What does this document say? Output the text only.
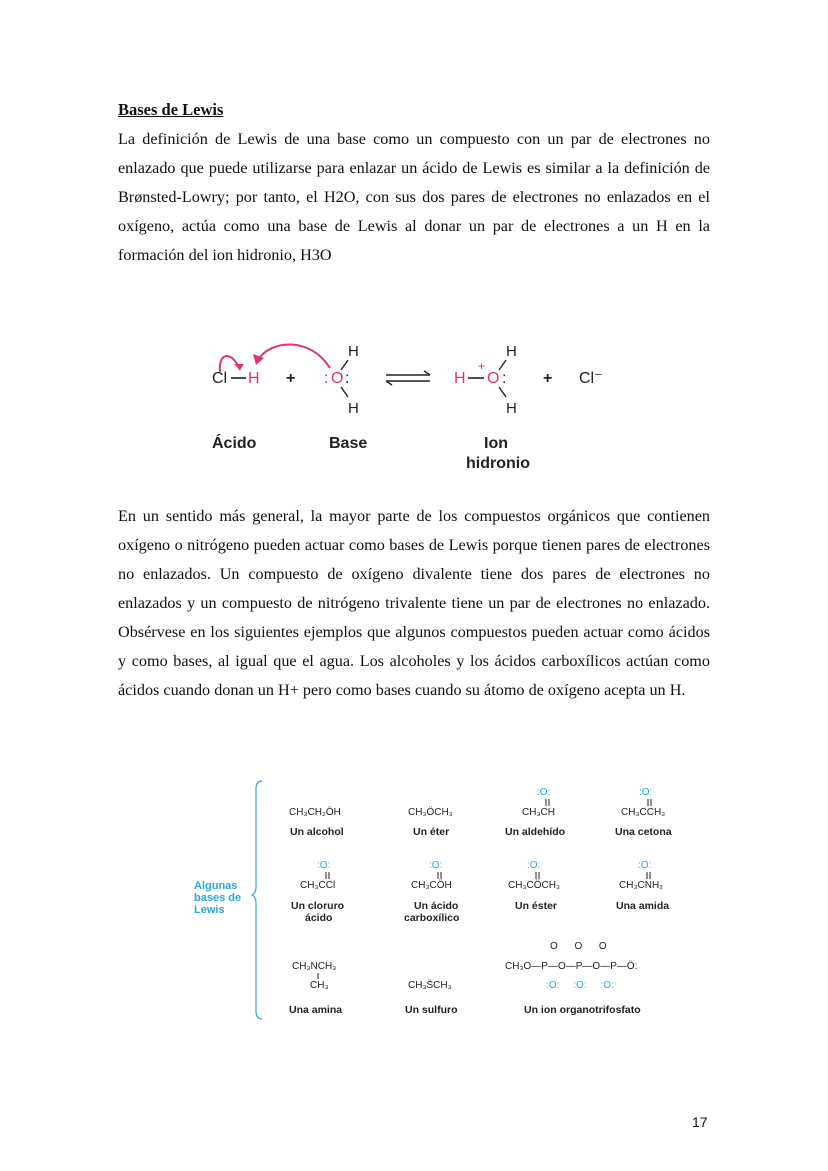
Bases de Lewis

La definición de Lewis de una base como un compuesto con un par de electrones no enlazado que puede utilizarse para enlazar un ácido de Lewis es similar a la definición de Brønsted-Lowry; por tanto, el H2O, con sus dos pares de electrones no enlazados en el oxígeno, actúa como una base de Lewis al donar un par de electrones a un H en la formación del ion hidronio, H3O

Cl H +
H
: O :
H
H
+
H
O :
H
+ Cl⁻
Ácido	Base	Ion
hidronio

En un sentido más general, la mayor parte de los compuestos orgánicos que contienen oxígeno o nitrógeno pueden actuar como bases de Lewis porque tienen pares de electrones no enlazados. Un compuesto de oxígeno divalente tiene dos pares de electrones no enlazados y un compuesto de nitrógeno trivalente tiene un par de electrones no enlazado. Obsérvese en los siguientes ejemplos que algunos compuestos pueden actuar como ácidos y como bases, al igual que el agua. Los alcoholes y los ácidos carboxílicos actúan como ácidos cuando donan un H+ pero como bases cuando su átomo de oxígeno acepta un H.

Algunas
bases de
Lewis
CH₃CH₂ÖH
Un alcohol
CH₃ÖCH₃
Un éter
:O:
CH₃CH
Un aldehído
:O:
CH₃CCH₃
Una cetona
:O:
CH₃CCl
Un cloruro
ácido
:O:
CH₃CÖH
Un ácido
carboxílico
:O:
CH₃CÖCH₃
Un éster
:O:
CH₃CNH₂
Una amida
CH₃NCH₃
CH₃
Una amina
CH₃S̈CH₃
Un sulfuro
O      O      O
CH₃O—P—O—P—O—P—Ö:
:O:     :O:     :O:
Un ion organotrifosfato
17
